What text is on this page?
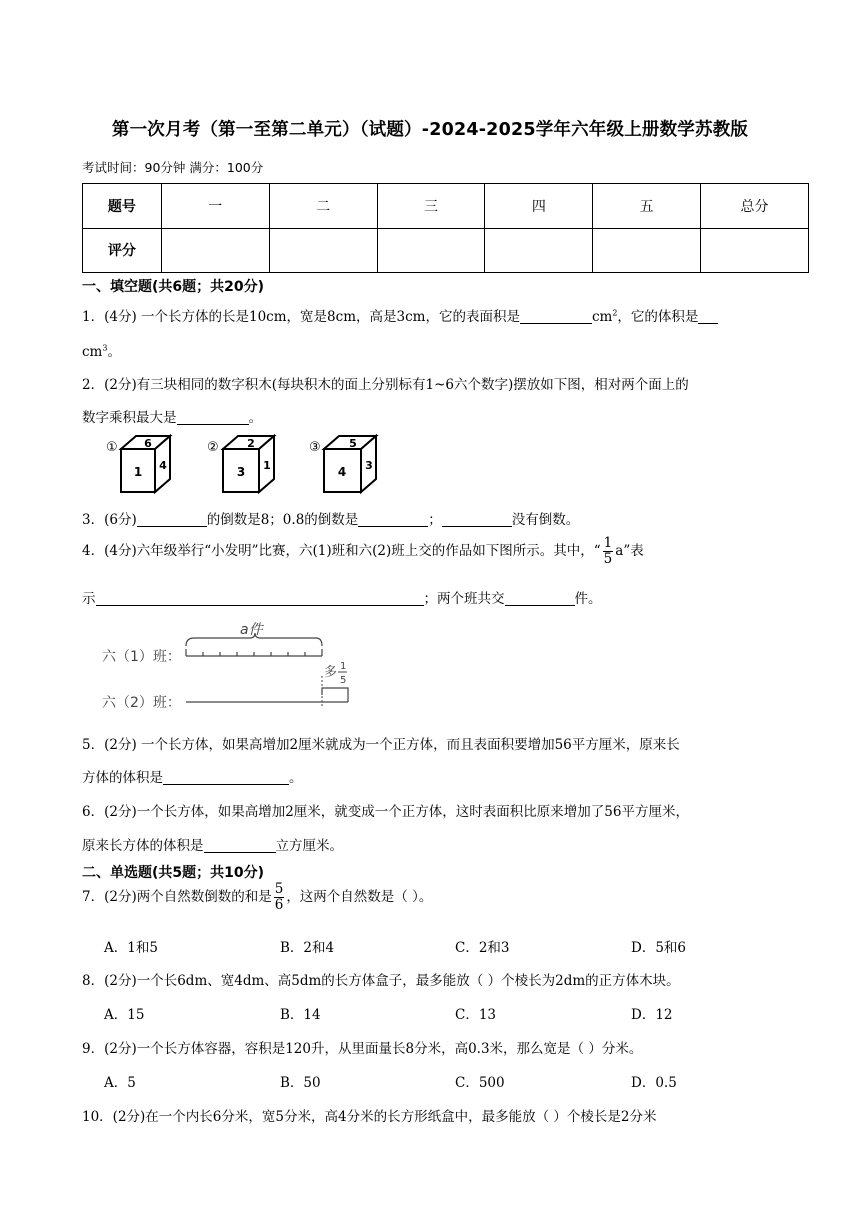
第一次月考（第一至第二单元）（试题）-2024-2025学年六年级上册数学苏教版
考试时间：90分钟 满分：100分
题号	一	二	三	四	五	总分
评分						
一、填空题(共6题；共20分)
1．(4分) 一个长方体的长是10cm，宽是8cm，高是3cm，它的表面积是	$cm^2$，它的体积是
$cm^3$。
2．(2分)有三块相同的数字积木(每块积木的面上分别标有1~6六个数字)摆放如下图，相对两个面上的
数字乘积最大是	。
① 6
1 4
②	2
3 1
③	5
4 3
3．(6分)	的倒数是8；0.8的倒数是	；	没有倒数。
4．(4分)六年级举行“小发明”比赛，六(1)班和六(2)班上交的作品如下图所示。其中，“ $\frac{1}{5} a$”表
示	；两个班共交	件。
六（1）班：
六（2）班：
a件
多 1
5
5．(2分) 一个长方体，如果高增加2厘米就成为一个正方体，而且表面积要增加56平方厘米，原来长
方体的体积是	。
6．(2分)一个长方体，如果高增加2厘米，就变成一个正方体，这时表面积比原来增加了56平方厘米，
原来长方体的体积是	立方厘米。
二、单选题(共5题；共10分)
7．(2分)两个自然数倒数的和是 $\frac{5}{6}$ ，这两个自然数是（ ）。
A．1和5	B．2和4	C．2和3	D．5和6
8．(2分)一个长6dm、宽4dm、高5dm的长方体盒子，最多能放（ ）个棱长为2dm的正方体木块。
A．15	B．14	C．13	D．12
9．(2分)一个长方体容器，容积是120升，从里面量长8分米，高0.3米，那么宽是（ ）分米。
A．5	B．50	C．500	D．0.5
10．(2分)在一个内长6分米，宽5分米，高4分米的长方形纸盒中，最多能放（ ）个棱长是2分米
